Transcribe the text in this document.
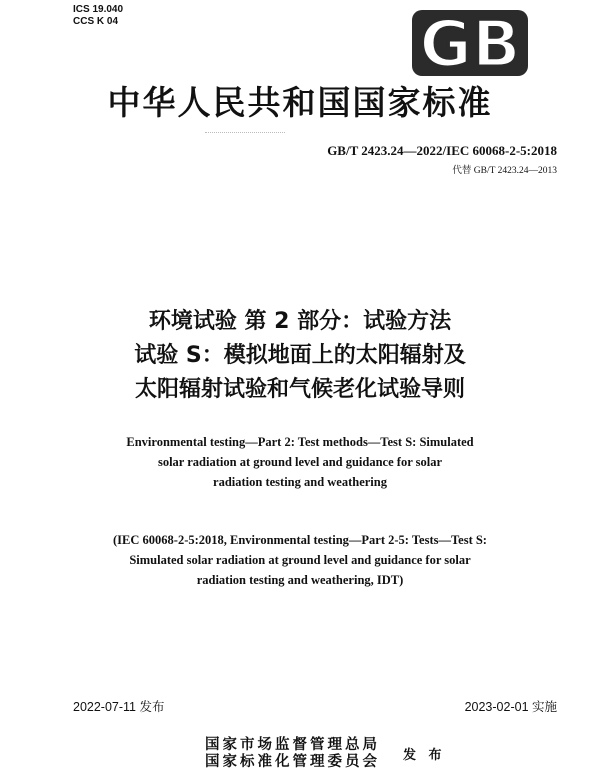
ICS 19.040
CCS K 04	GB
中华人民共和国国家标准
GB/T 2423.24—2022/IEC 60068-2-5:2018
代替 GB/T 2423.24—2013
环境试验 第 2 部分：试验方法
试验 S：模拟地面上的太阳辐射及
太阳辐射试验和气候老化试验导则
Environmental testing—Part 2: Test methods—Test S: Simulated
solar radiation at ground level and guidance for solar
radiation testing and weathering
(IEC 60068-2-5:2018, Environmental testing—Part 2-5: Tests—Test S:
Simulated solar radiation at ground level and guidance for solar
radiation testing and weathering, IDT)
2022-07-11 发布	2023-02-01 实施
国家市场监督管理总局
国家标准化管理委员会 发 布
